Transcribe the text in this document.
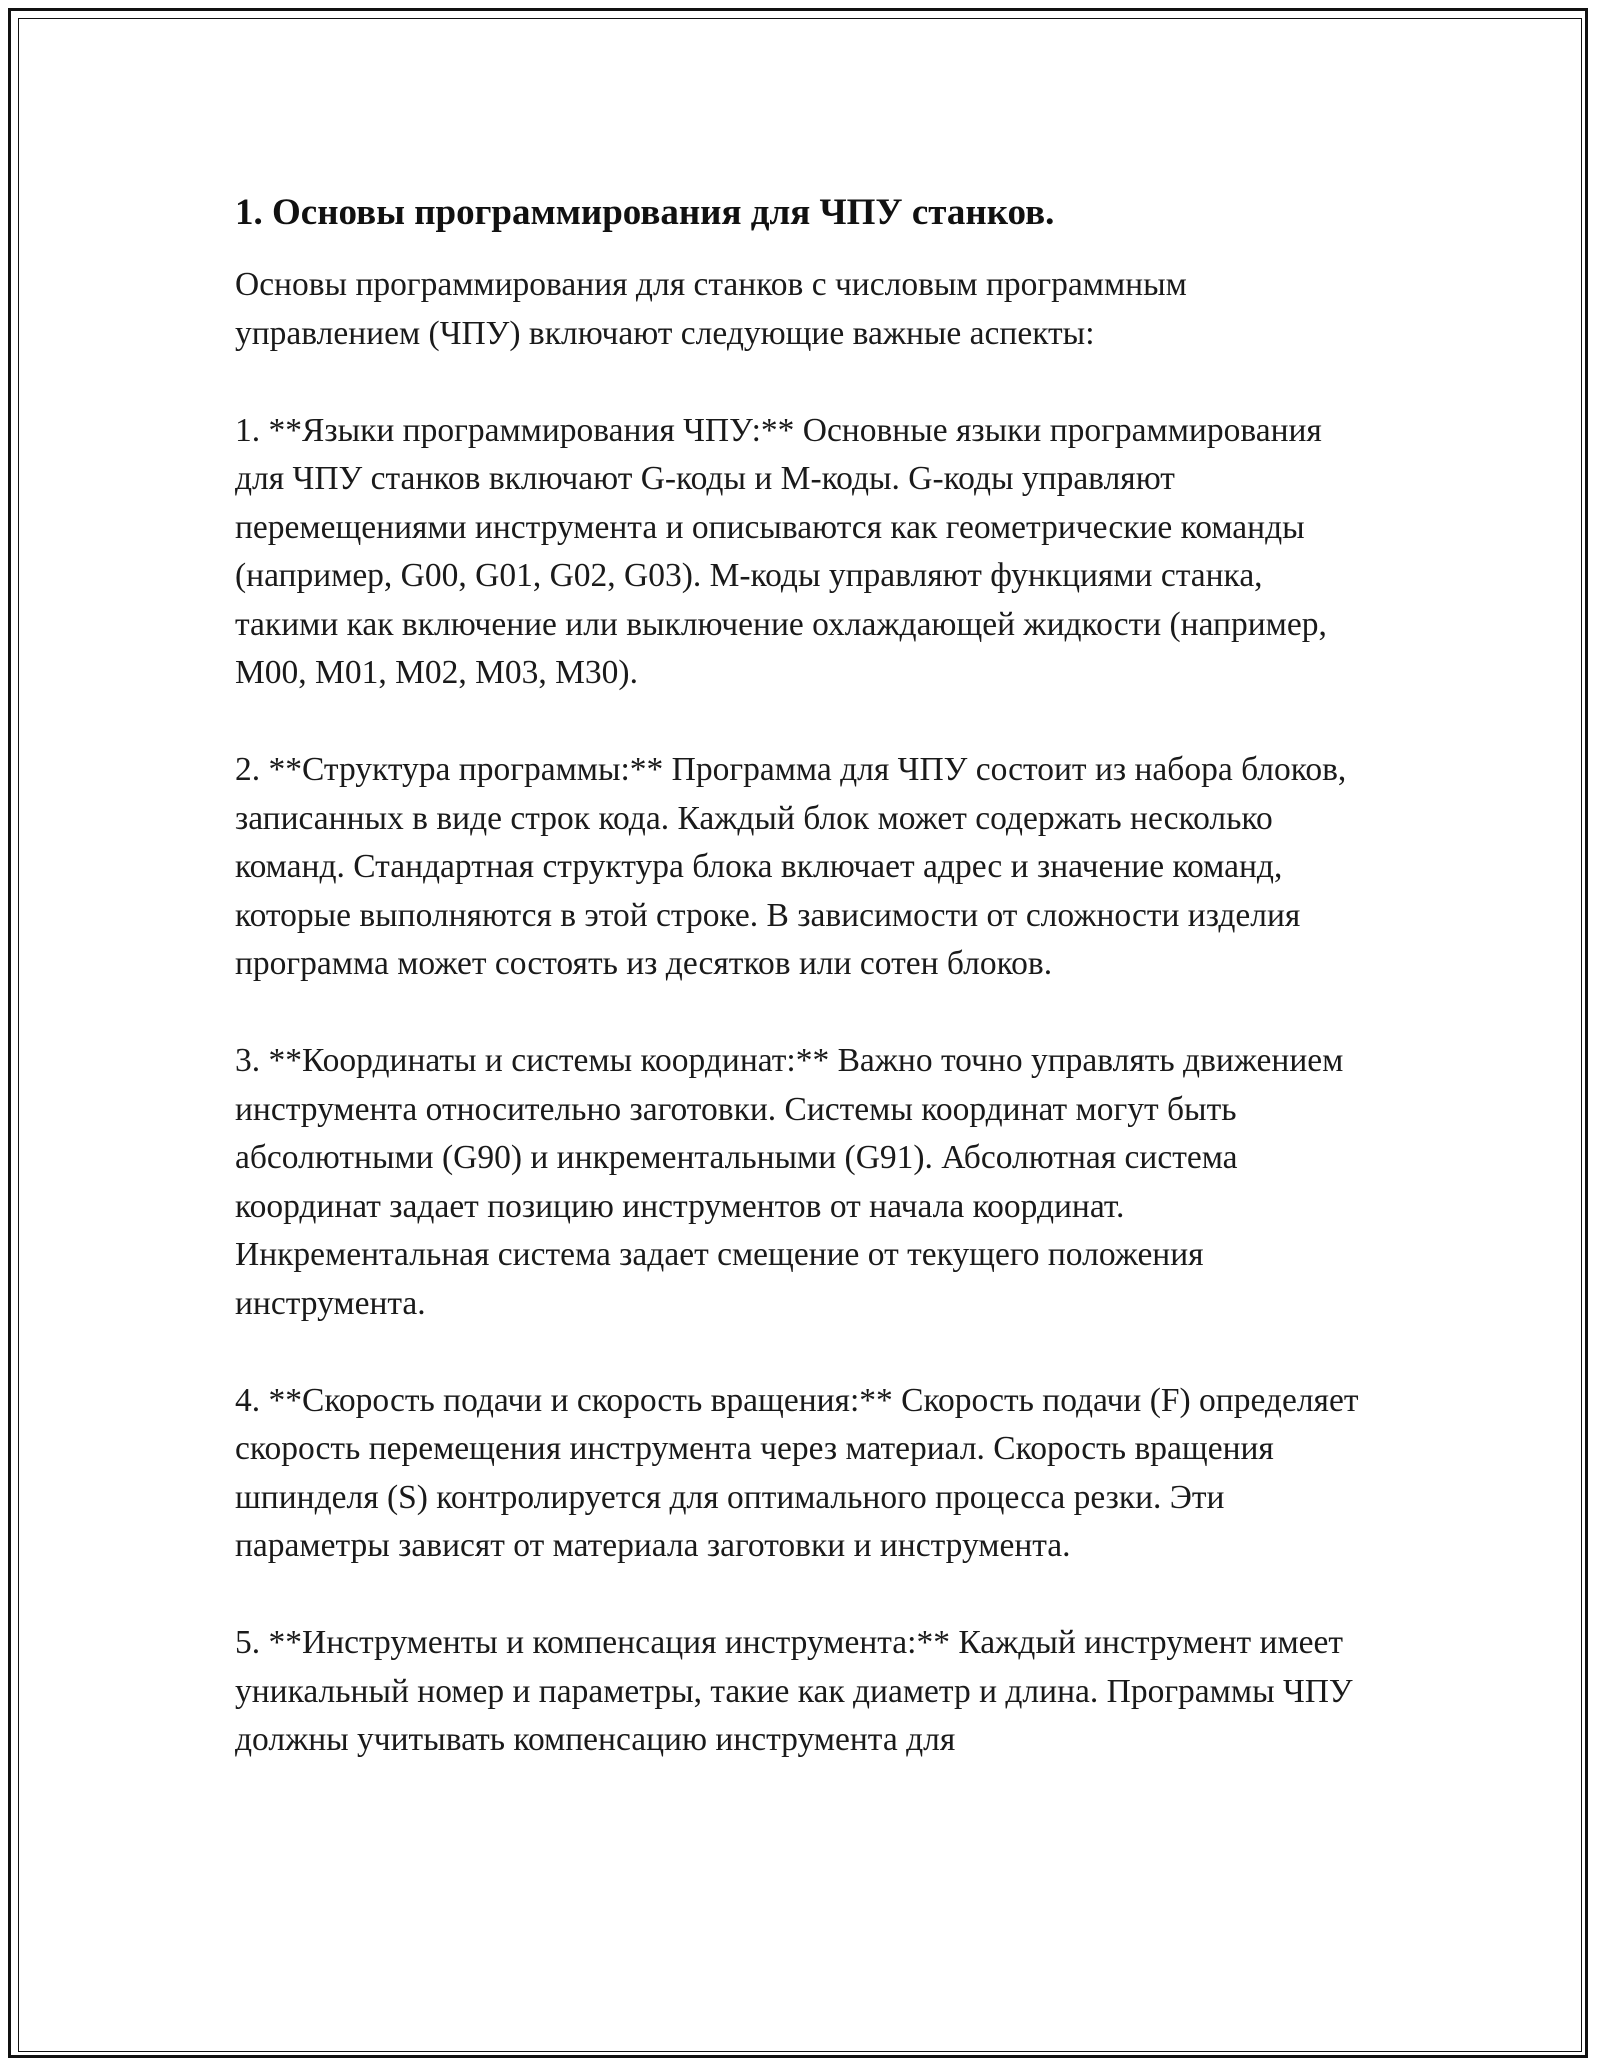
1. Основы программирования для ЧПУ станков.

Основы программирования для станков с числовым программным управлением (ЧПУ) включают следующие важные аспекты:

1. **Языки программирования ЧПУ:** Основные языки программирования для ЧПУ станков включают G-коды и M-коды. G-коды управляют перемещениями инструмента и описываются как геометрические команды (например, G00, G01, G02, G03). M-коды управляют функциями станка, такими как включение или выключение охлаждающей жидкости (например, M00, M01, M02, M03, M30).

2. **Структура программы:** Программа для ЧПУ состоит из набора блоков, записанных в виде строк кода. Каждый блок может содержать несколько команд. Стандартная структура блока включает адрес и значение команд, которые выполняются в этой строке. В зависимости от сложности изделия программа может состоять из десятков или сотен блоков.

3. **Координаты и системы координат:** Важно точно управлять движением инструмента относительно заготовки. Системы координат могут быть абсолютными (G90) и инкрементальными (G91). Абсолютная система координат задает позицию инструментов от начала координат. Инкрементальная система задает смещение от текущего положения инструмента.

4. **Скорость подачи и скорость вращения:** Скорость подачи (F) определяет скорость перемещения инструмента через материал. Скорость вращения шпинделя (S) контролируется для оптимального процесса резки. Эти параметры зависят от материала заготовки и инструмента.

5. **Инструменты и компенсация инструмента:** Каждый инструмент имеет уникальный номер и параметры, такие как диаметр и длина. Программы ЧПУ должны учитывать компенсацию инструмента для
